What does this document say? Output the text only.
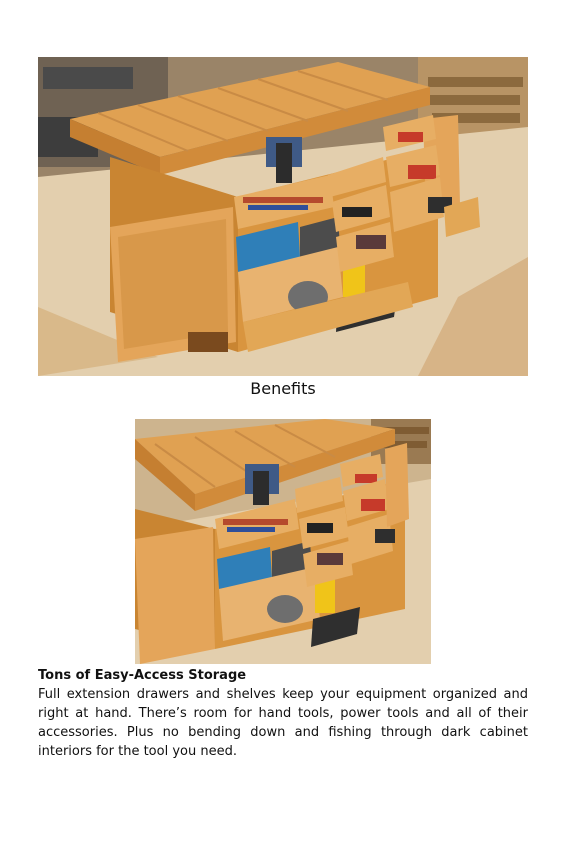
Benefits
Tons of Easy-Access Storage
Full extension drawers and shelves keep your equipment organized and right at hand. There’s room for hand tools, power tools and all of their accessories. Plus no bending down and fishing through dark cabinet interiors for the tool you need.
